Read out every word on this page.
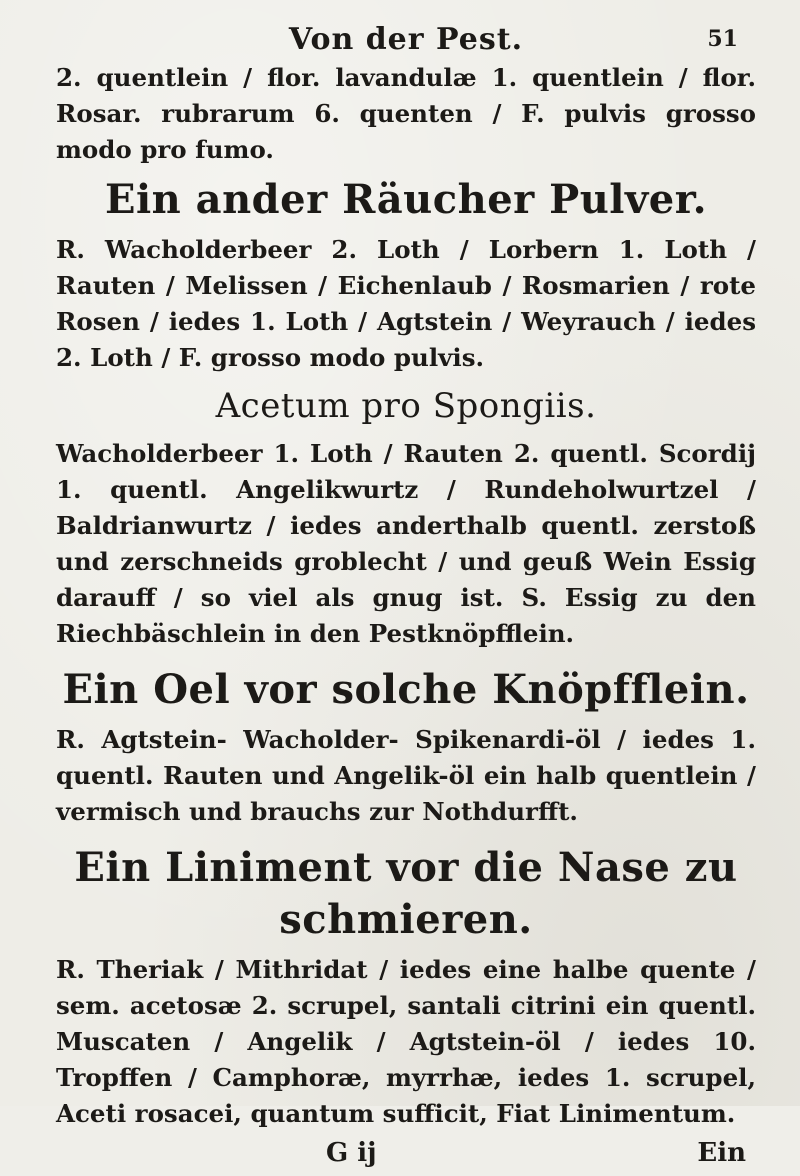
Von der Pest.	51

2. quentlein / flor. lavandulæ 1. quentlein / flor. Rosar. rubrarum 6. quenten / F. pulvis grosso modo pro fumo.

Ein ander Räucher Pulver.

R. Wacholderbeer 2. Loth / Lorbern 1. Loth / Rauten / Melissen / Eichenlaub / Rosmarien / rote Rosen / iedes 1. Loth / Agtstein / Weyrauch / iedes 2. Loth / F. grosso modo pulvis.

Acetum pro Spongiis.

Wacholderbeer 1. Loth / Rauten 2. quentl. Scordij 1. quentl. Angelikwurtz / Rundeholwurtzel / Baldrianwurtz / iedes anderthalb quentl. zerstoß und zerschneids groblecht / und geuß Wein Essig darauff / so viel als gnug ist. S. Essig zu den Riechbäschlein in den Pestknöpfflein.

Ein Oel vor solche Knöpfflein.

R. Agtstein- Wacholder- Spikenardi-öl / iedes 1. quentl. Rauten und Angelik-öl ein halb quentlein / vermisch und brauchs zur Nothdurfft.

Ein Liniment vor die Nase zu

schmieren.

R. Theriak / Mithridat / iedes eine halbe quente / sem. acetosæ 2. scrupel, santali citrini ein quentl. Muscaten / Angelik / Agtstein-öl / iedes 10. Tropffen / Camphoræ, myrrhæ, iedes 1. scrupel, Aceti rosacei, quantum sufficit, Fiat Linimentum.

G ij	Ein
